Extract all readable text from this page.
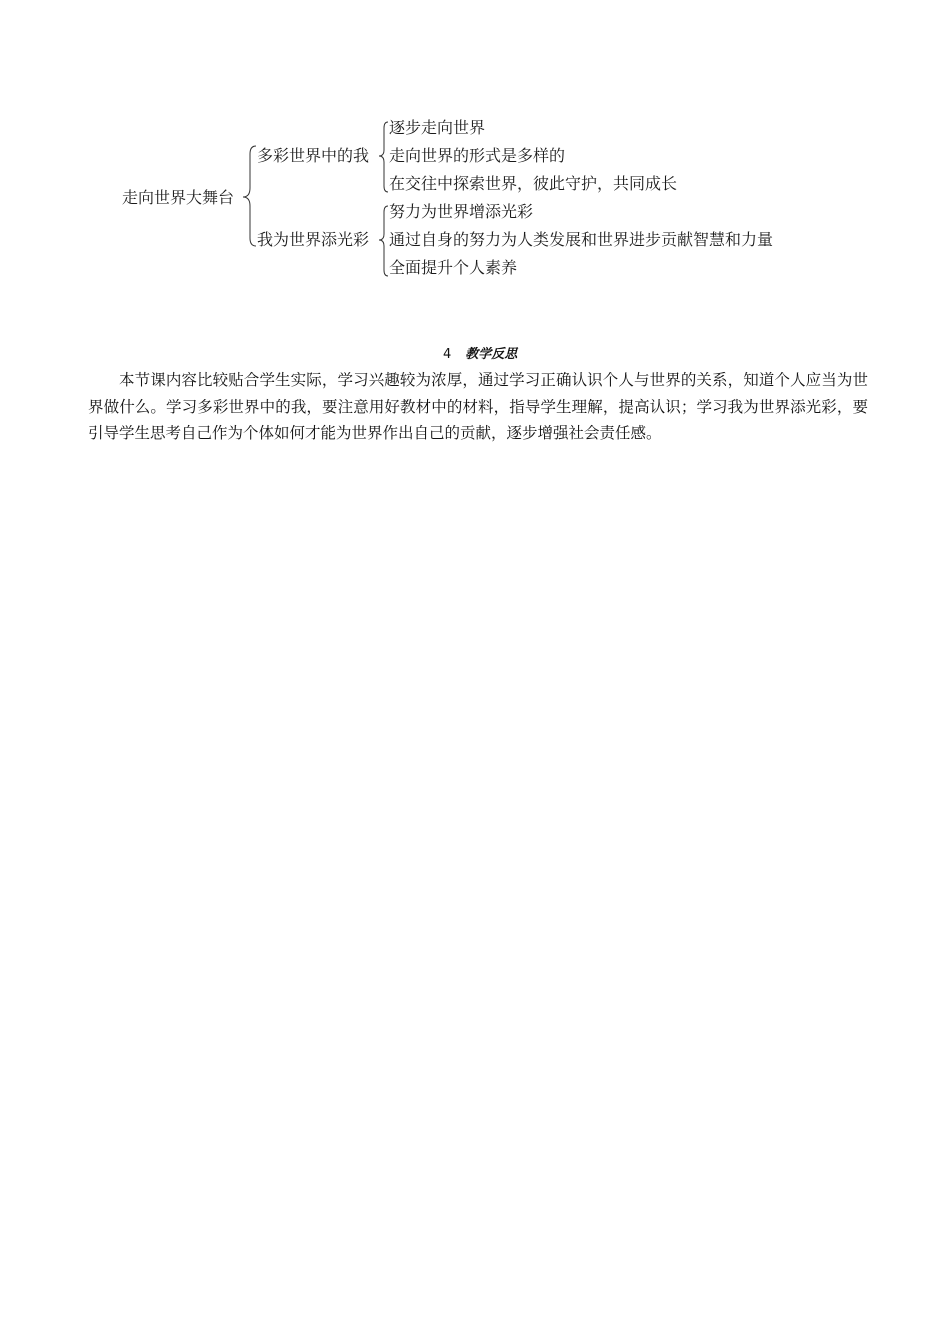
走向世界大舞台
多彩世界中的我
我为世界添光彩
逐步走向世界
走向世界的形式是多样的
在交往中探索世界，彼此守护，共同成长
努力为世界增添光彩
通过自身的努力为人类发展和世界进步贡献智慧和力量
全面提升个人素养
4 教学反思

本节课内容比较贴合学生实际，学习兴趣较为浓厚，通过学习正确认识个人与世界的关系，知道个人应当为世界做什么。学习多彩世界中的我，要注意用好教材中的材料，指导学生理解，提高认识；学习我为世界添光彩，要引导学生思考自己作为个体如何才能为世界作出自己的贡献，逐步增强社会责任感。
